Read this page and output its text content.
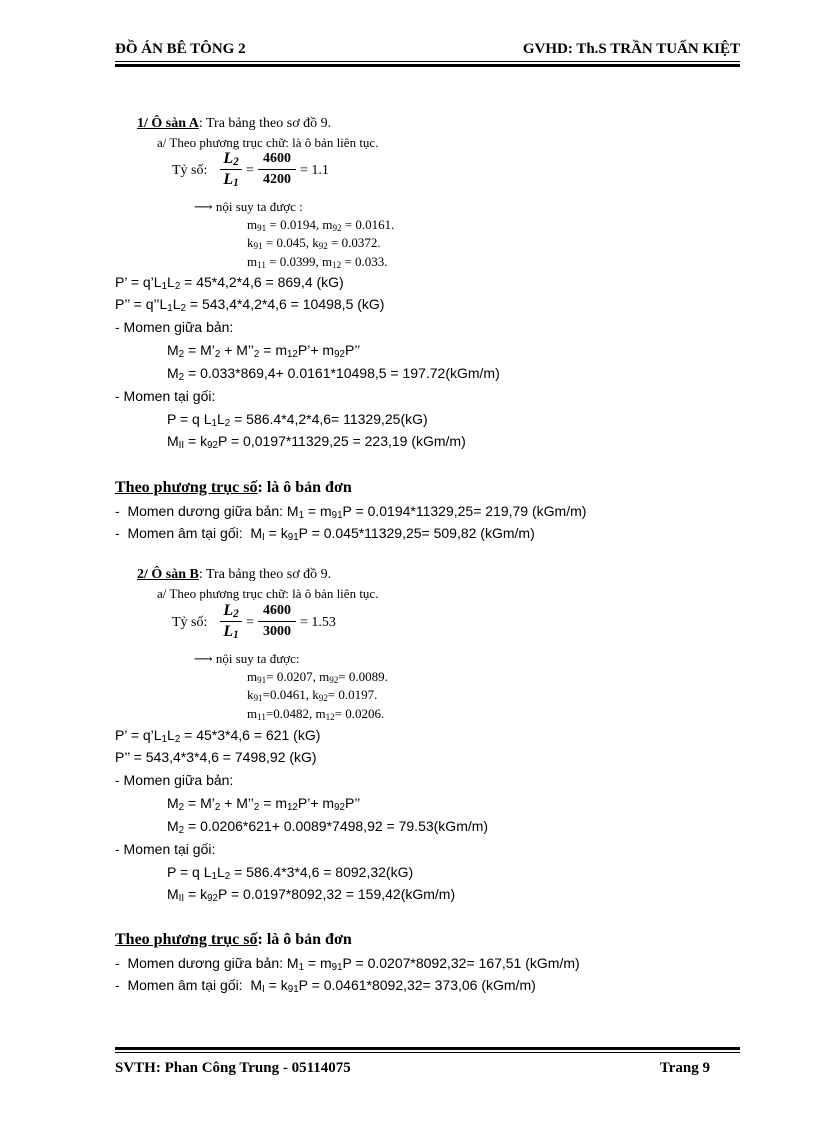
ĐỒ ÁN BÊ TÔNG 2	GVHD: Th.S TRẦN TUẤN KIỆT
1/ Ô sàn A: Tra bảng theo sơ đồ 9.
a/ Theo phương trục chữ: là ô bản liên tục.
Tỷ số:
$L_2$
$L_1$
=
4600
4200
= 1.1
⟶ nội suy ta được :
$m_{91} = 0.0194$, $m_{92} = 0.0161$.
$k_{91} = 0.045$, $k_{92} = 0.0372$.
$m_{11} = 0.0399$, $m_{12} = 0.033$.
P’ = $q’L_1L_2 = 45*4,2*4,6 = 869,4$ (kG)
P’’ = $q’’L_1L_2 = 543,4*4,2*4,6 = 10498,5$ (kG)
- Momen giữa bản:
$M_2$ = $M’_2$ + $M’’_2$ = $m_{12}P’+ m_{92}P$’’
$M_2 = 0.033*869,4+ 0.0161*10498,5 = 197.72(kGm/m)$
- Momen tại gối:
P = q $L_1L_2 = 586.4*4,2*4,6= 11329,25(kG)$
$M_{II} = k_{92}P = 0,0197*11329,25 = 223,19$ (kGm/m)
Theo phương trục số: là ô bản đơn
-  Momen dương giữa bản: $M_1 = m_{91}P = 0.0194*11329,25= 219,79$ (kGm/m)
-  Momen âm tại gối:  $M_I = k_{91}P = 0.045*11329,25= 509,82$ (kGm/m)
2/ Ô sàn B: Tra bảng theo sơ đồ 9.
a/ Theo phương trục chữ: là ô bản liên tục.
Tỷ số:
$L_2$
$L_1$
=
4600
3000
= 1.53
⟶ nội suy ta được:
$m_{91}= 0.0207$, $m_{92}= 0.0089$.
$k_{91}=0.0461$, $k_{92}= 0.0197$.
$m_{11}=0.0482$, $m_{12}= 0.0206$.
P’ = $q’L_1L_2 = 45*3*4,6 = 621$ (kG)
P’’ = 543,4*3*4,6 = 7498,92 (kG)
- Momen giữa bản:
$M_2$ = $M’_2$ + $M’’_2$ = $m_{12}P’+ m_{92}P$’’
$M_2 = 0.0206*621+ 0.0089*7498,92 = 79.53(kGm/m)$
- Momen tại gối:
P = q $L_1L_2 = 586.4*3*4,6 = 8092,32(kG)$
$M_{II} = k_{92}P = 0.0197*8092,32 = 159,42(kGm/m)$
Theo phương trục số: là ô bản đơn
-  Momen dương giữa bản: $M_1 = m_{91}P = 0.0207*8092,32= 167,51$ (kGm/m)
-  Momen âm tại gối:  $M_I = k_{91}P = 0.0461*8092,32= 373,06$ (kGm/m)
SVTH: Phan Công Trung - 05114075	Trang 9
